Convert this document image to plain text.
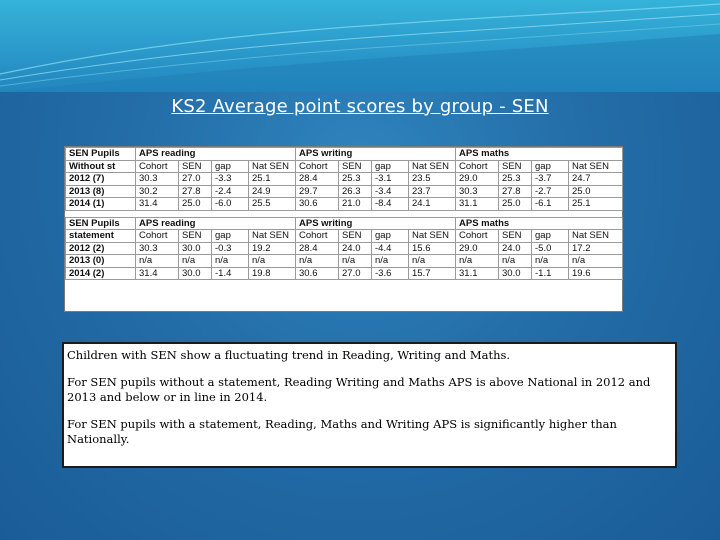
KS2 Average point scores by group - SEN
SEN Pupils	APS reading				APS writing				APS maths			
Without st	Cohort	SEN	gap	Nat SEN	Cohort	SEN	gap	Nat SEN	Cohort	SEN	gap	Nat SEN
2012 (7)	30.3	27.0	-3.3	25.1	28.4	25.3	-3.1	23.5	29.0	25.3	-3.7	24.7
2013 (8)	30.2	27.8	-2.4	24.9	29.7	26.3	-3.4	23.7	30.3	27.8	-2.7	25.0
2014 (1)	31.4	25.0	-6.0	25.5	30.6	21.0	-8.4	24.1	31.1	25.0	-6.1	25.1

SEN Pupils	APS reading				APS writing				APS maths			
statement	Cohort	SEN	gap	Nat SEN	Cohort	SEN	gap	Nat SEN	Cohort	SEN	gap	Nat SEN
2012 (2)	30.3	30.0	-0.3	19.2	28.4	24.0	-4.4	15.6	29.0	24.0	-5.0	17.2
2013 (0)	n/a	n/a	n/a	n/a	n/a	n/a	n/a	n/a	n/a	n/a	n/a	n/a
2014 (2)	31.4	30.0	-1.4	19.8	30.6	27.0	-3.6	15.7	31.1	30.0	-1.1	19.6

Children with SEN show a fluctuating trend in Reading, Writing and Maths.

For SEN pupils without a statement, Reading Writing and Maths APS is above National in 2012 and 2013 and below or in line in 2014.

For SEN pupils with a statement, Reading, Maths and Writing APS is significantly higher than Nationally.
